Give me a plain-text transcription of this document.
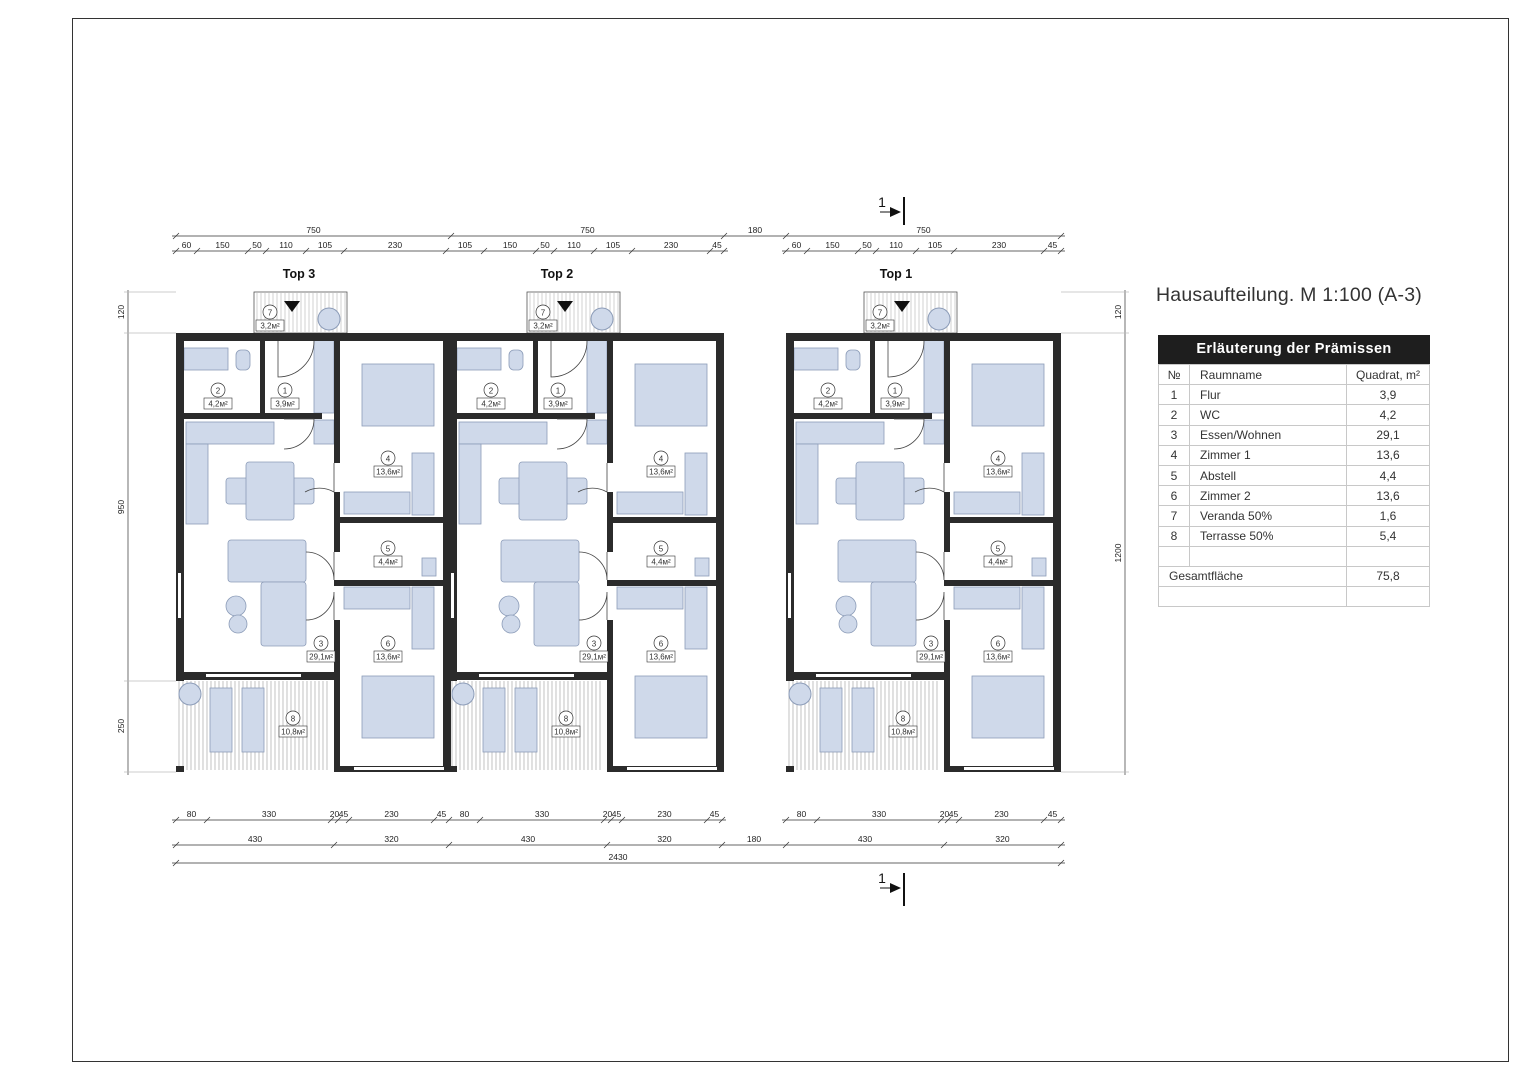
1
3,9м²
2
4,2м²
3
29,1м²
4
13,6м²
5
4,4м²
6
13,6м²
7
3,2м²
8
10,8м²
Top 3
1
3,9м²
2
4,2м²
3
29,1м²
4
13,6м²
5
4,4м²
6
13,6м²
7
3,2м²
8
10,8м²
Top 2
1
3,9м²
2
4,2м²
3
29,1м²
4
13,6м²
5
4,4м²
6
13,6м²
7
3,2м²
8
10,8м²
Top 1
750	750	180	750
60	150	50 110	105	230	105	150	50 110	105	230	45	60	150	50 110	105	230	45
80	330	20 45	230	45 80	330	20 45	230	45	80	330	20 45	230	45
430	320	430	320	180	430	320
2430
120
950
250
120
1200
1
1
Hausaufteilung. M 1:100 (A-3)
Erläuterung der Prämissen
№	Raumname	Quadrat, m²
1	Flur	3,9
2	WC	4,2
3	Essen/Wohnen	29,1
4	Zimmer 1	13,6
5	Abstell	4,4
6	Zimmer 2	13,6
7	Veranda 50%	1,6
8	Terrasse 50%	5,4

Gesamtfläche		75,8
